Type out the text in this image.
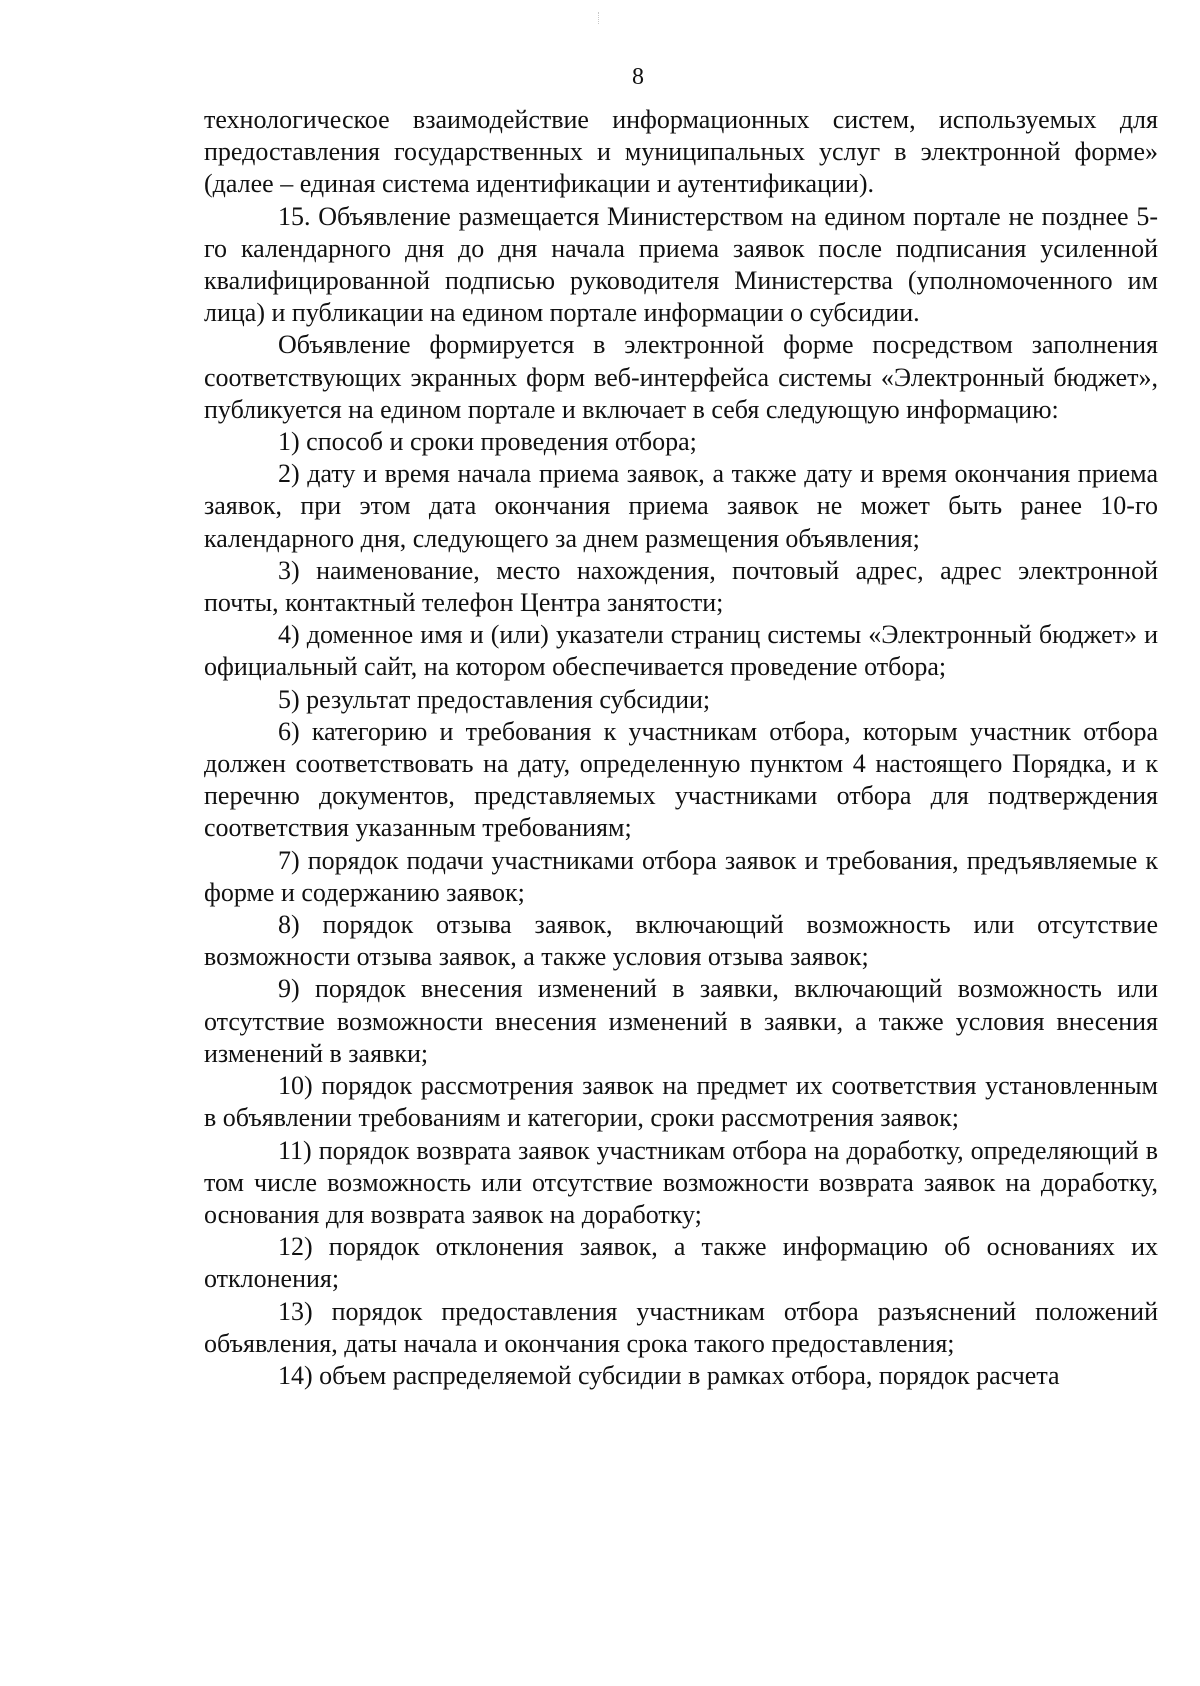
8

технологическое взаимодействие информационных систем, используемых для предоставления государственных и муниципальных услуг в электронной форме» (далее – единая система идентификации и аутентификации).

15. Объявление размещается Министерством на едином портале не позднее 5-го календарного дня до дня начала приема заявок после подписания усиленной квалифицированной подписью руководителя Министерства (уполномоченного им лица) и публикации на едином портале информации о субсидии.

Объявление формируется в электронной форме посредством заполнения соответствующих экранных форм веб-интерфейса системы «Электронный бюджет», публикуется на едином портале и включает в себя следующую информацию:

1) способ и сроки проведения отбора;

2) дату и время начала приема заявок, а также дату и время окончания приема заявок, при этом дата окончания приема заявок не может быть ранее 10-го календарного дня, следующего за днем размещения объявления;

3) наименование, место нахождения, почтовый адрес, адрес электронной почты, контактный телефон Центра занятости;

4) доменное имя и (или) указатели страниц системы «Электронный бюджет» и официальный сайт, на котором обеспечивается проведение отбора;

5) результат предоставления субсидии;

6) категорию и требования к участникам отбора, которым участник отбора должен соответствовать на дату, определенную пунктом 4 настоящего Порядка, и к перечню документов, представляемых участниками отбора для подтверждения соответствия указанным требованиям;

7) порядок подачи участниками отбора заявок и требования, предъявляемые к форме и содержанию заявок;

8) порядок отзыва заявок, включающий возможность или отсутствие возможности отзыва заявок, а также условия отзыва заявок;

9) порядок внесения изменений в заявки, включающий возможность или отсутствие возможности внесения изменений в заявки, а также условия внесения изменений в заявки;

10) порядок рассмотрения заявок на предмет их соответствия установленным в объявлении требованиям и категории, сроки рассмотрения заявок;

11) порядок возврата заявок участникам отбора на доработку, определяющий в том числе возможность или отсутствие возможности возврата заявок на доработку, основания для возврата заявок на доработку;

12) порядок отклонения заявок, а также информацию об основаниях их отклонения;

13) порядок предоставления участникам отбора разъяснений положений объявления, даты начала и окончания срока такого предоставления;

14) объем распределяемой субсидии в рамках отбора, порядок расчета
